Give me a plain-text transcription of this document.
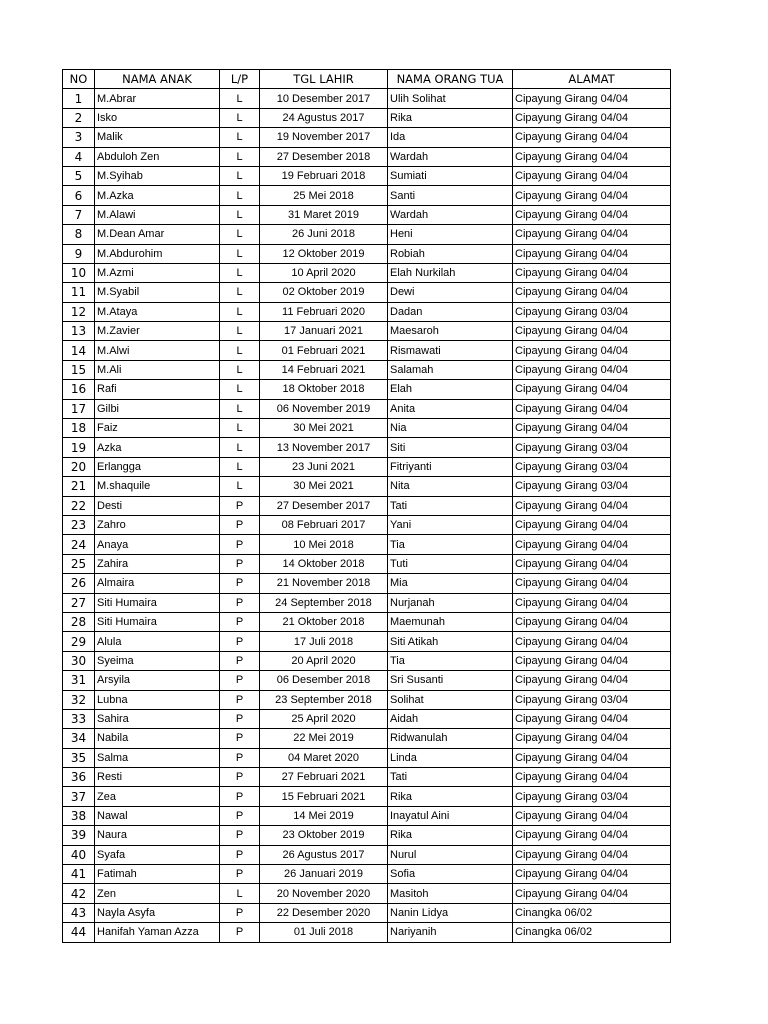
NO	NAMA ANAK	L/P	TGL LAHIR	NAMA ORANG TUA	ALAMAT
1	M.Abrar	L	10 Desember 2017	Ulih Solihat	Cipayung Girang 04/04
2	Isko	L	24 Agustus 2017	Rika	Cipayung Girang 04/04
3	Malik	L	19 November 2017	Ida	Cipayung Girang 04/04
4	Abduloh Zen	L	27 Desember 2018	Wardah	Cipayung Girang 04/04
5	M.Syihab	L	19 Februari 2018	Sumiati	Cipayung Girang 04/04
6	M.Azka	L	25 Mei 2018	Santi	Cipayung Girang 04/04
7	M.Alawi	L	31 Maret 2019	Wardah	Cipayung Girang 04/04
8	M.Dean Amar	L	26 Juni 2018	Heni	Cipayung Girang 04/04
9	M.Abdurohim	L	12 Oktober 2019	Robiah	Cipayung Girang 04/04
10	M.Azmi	L	10 April 2020	Elah Nurkilah	Cipayung Girang 04/04
11	M.Syabil	L	02 Oktober 2019	Dewi	Cipayung Girang 04/04
12	M.Ataya	L	11 Februari 2020	Dadan	Cipayung Girang 03/04
13	M.Zavier	L	17 Januari 2021	Maesaroh	Cipayung Girang 04/04
14	M.Alwi	L	01 Februari 2021	Rismawati	Cipayung Girang 04/04
15	M.Ali	L	14 Februari 2021	Salamah	Cipayung Girang 04/04
16	Rafi	L	18 Oktober 2018	Elah	Cipayung Girang 04/04
17	Gilbi	L	06 November 2019	Anita	Cipayung Girang 04/04
18	Faiz	L	30 Mei 2021	Nia	Cipayung Girang 04/04
19	Azka	L	13 November 2017	Siti	Cipayung Girang 03/04
20	Erlangga	L	23 Juni 2021	Fitriyanti	Cipayung Girang 03/04
21	M.shaquile	L	30 Mei 2021	Nita	Cipayung Girang 03/04
22	Desti	P	27 Desember 2017	Tati	Cipayung Girang 04/04
23	Zahro	P	08 Februari 2017	Yani	Cipayung Girang 04/04
24	Anaya	P	10 Mei 2018	Tia	Cipayung Girang 04/04
25	Zahira	P	14 Oktober 2018	Tuti	Cipayung Girang 04/04
26	Almaira	P	21 November 2018	Mia	Cipayung Girang 04/04
27	Siti Humaira	P	24 September 2018	Nurjanah	Cipayung Girang 04/04
28	Siti Humaira	P	21 Oktober 2018	Maemunah	Cipayung Girang 04/04
29	Alula	P	17 Juli 2018	Siti Atikah	Cipayung Girang 04/04
30	Syeima	P	20 April 2020	Tia	Cipayung Girang 04/04
31	Arsyila	P	06 Desember 2018	Sri Susanti	Cipayung Girang 04/04
32	Lubna	P	23 September 2018	Solihat	Cipayung Girang 03/04
33	Sahira	P	25 April 2020	Aidah	Cipayung Girang 04/04
34	Nabila	P	22 Mei 2019	Ridwanulah	Cipayung Girang 04/04
35	Salma	P	04 Maret 2020	Linda	Cipayung Girang 04/04
36	Resti	P	27 Februari 2021	Tati	Cipayung Girang 04/04
37	Zea	P	15 Februari 2021	Rika	Cipayung Girang 03/04
38	Nawal	P	14 Mei 2019	Inayatul Aini	Cipayung Girang 04/04
39	Naura	P	23 Oktober 2019	Rika	Cipayung Girang 04/04
40	Syafa	P	26 Agustus 2017	Nurul	Cipayung Girang 04/04
41	Fatimah	P	26 Januari 2019	Sofia	Cipayung Girang 04/04
42	Zen	L	20 November 2020	Masitoh	Cipayung Girang 04/04
43	Nayla Asyfa	P	22 Desember 2020	Nanin Lidya	Cinangka 06/02
44	Hanifah Yaman Azza	P	01 Juli 2018	Nariyanih	Cinangka 06/02
